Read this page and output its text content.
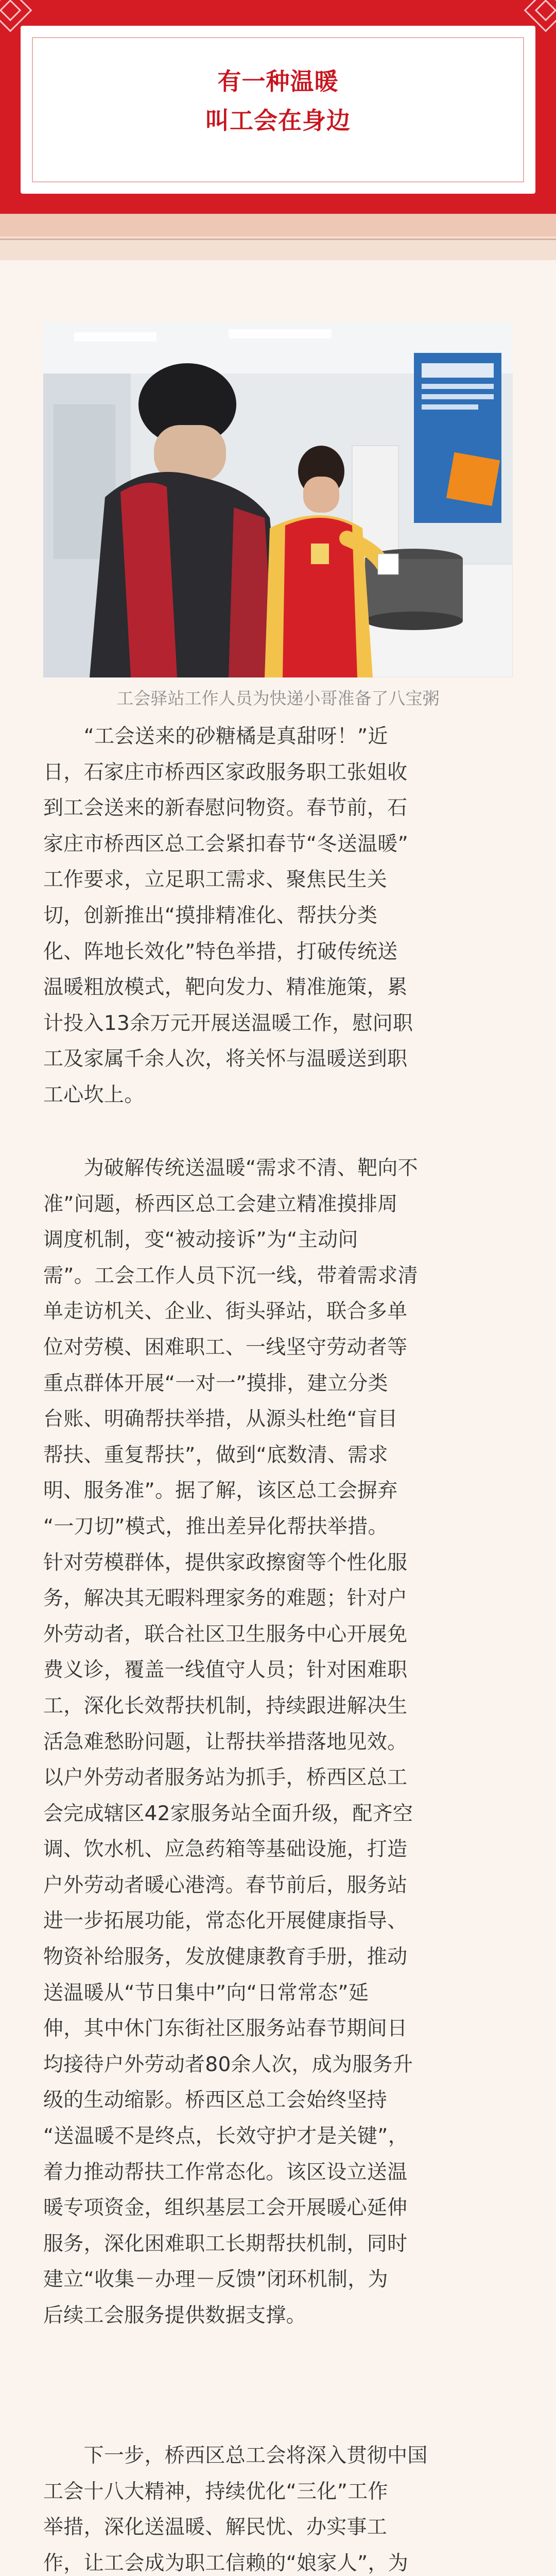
有一种温暖
叫工会在身边
工会驿站工作人员为快递小哥准备了八宝粥
　　“工会送来的砂糖橘是真甜呀！”近
日，石家庄市桥西区家政服务职工张姐收
到工会送来的新春慰问物资。春节前，石
家庄市桥西区总工会紧扣春节“冬送温暖”
工作要求，立足职工需求、聚焦民生关
切，创新推出“摸排精准化、帮扶分类
化、阵地长效化”特色举措，打破传统送
温暖粗放模式，靶向发力、精准施策，累
计投入13余万元开展送温暖工作，慰问职
工及家属千余人次，将关怀与温暖送到职
工心坎上。
　　为破解传统送温暖“需求不清、靶向不
准”问题，桥西区总工会建立精准摸排周
调度机制，变“被动接诉”为“主动问
需”。工会工作人员下沉一线，带着需求清
单走访机关、企业、街头驿站，联合多单
位对劳模、困难职工、一线坚守劳动者等
重点群体开展“一对一”摸排，建立分类
台账、明确帮扶举措，从源头杜绝“盲目
帮扶、重复帮扶”，做到“底数清、需求
明、服务准”。据了解，该区总工会摒弃
“一刀切”模式，推出差异化帮扶举措。
针对劳模群体，提供家政擦窗等个性化服
务，解决其无暇料理家务的难题；针对户
外劳动者，联合社区卫生服务中心开展免
费义诊，覆盖一线值守人员；针对困难职
工，深化长效帮扶机制，持续跟进解决生
活急难愁盼问题，让帮扶举措落地见效。
以户外劳动者服务站为抓手，桥西区总工
会完成辖区42家服务站全面升级，配齐空
调、饮水机、应急药箱等基础设施，打造
户外劳动者暖心港湾。春节前后，服务站
进一步拓展功能，常态化开展健康指导、
物资补给服务，发放健康教育手册，推动
送温暖从“节日集中”向“日常常态”延
伸，其中休门东街社区服务站春节期间日
均接待户外劳动者80余人次，成为服务升
级的生动缩影。桥西区总工会始终坚持
“送温暖不是终点，长效守护才是关键”，
着力推动帮扶工作常态化。该区设立送温
暖专项资金，组织基层工会开展暖心延伸
服务，深化困难职工长期帮扶机制，同时
建立“收集－办理－反馈”闭环机制，为
后续工会服务提供数据支撑。
　　下一步，桥西区总工会将深入贯彻中国
工会十八大精神，持续优化“三化”工作
举措，深化送温暖、解民忧、办实事工
作，让工会成为职工信赖的“娘家人”，为
